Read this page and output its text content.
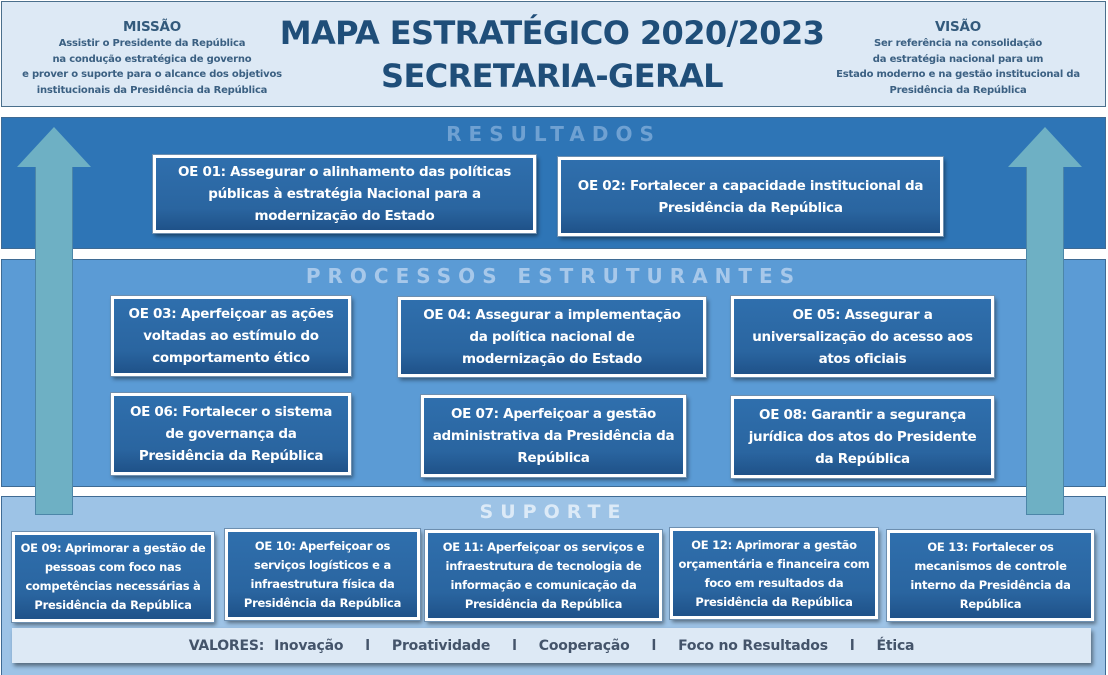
MISSÃO
Assistir o Presidente da República
na condução estratégica de governo
e prover o suporte para o alcance dos objetivos
institucionais da Presidência da República
MAPA ESTRATÉGICO 2020/2023
SECRETARIA-GERAL
VISÃO
Ser referência na consolidação
da estratégia nacional para um
Estado moderno e na gestão institucional da
Presidência da República
RESULTADOS
PROCESSOS ESTRUTURANTES
SUPORTE
OE 01: Assegurar o alinhamento das políticas públicas à estratégia Nacional para a modernização do Estado
OE 02: Fortalecer a capacidade institucional da Presidência da República
OE 03: Aperfeiçoar as ações voltadas ao estímulo do comportamento ético
OE 04: Assegurar a implementação da política nacional de modernização do Estado
OE 05: Assegurar a universalização do acesso aos atos oficiais
OE 06: Fortalecer o sistema de governança da Presidência da República
OE 07: Aperfeiçoar a gestão administrativa da Presidência da República
OE 08: Garantir a segurança jurídica dos atos do Presidente da República
OE 09: Aprimorar a gestão de pessoas com foco nas competências necessárias à Presidência da República
OE 10: Aperfeiçoar os serviços logísticos e a infraestrutura física da Presidência da República
OE 11: Aperfeiçoar os serviços e infraestrutura de tecnologia de informação e comunicação da Presidência da República
OE 12: Aprimorar a gestão orçamentária e financeira com foco em resultados da Presidência da República
OE 13: Fortalecer os mecanismos de controle interno da Presidência da República
VALORES: Inovação l Proatividade l Cooperação l Foco no Resultados l Ética
